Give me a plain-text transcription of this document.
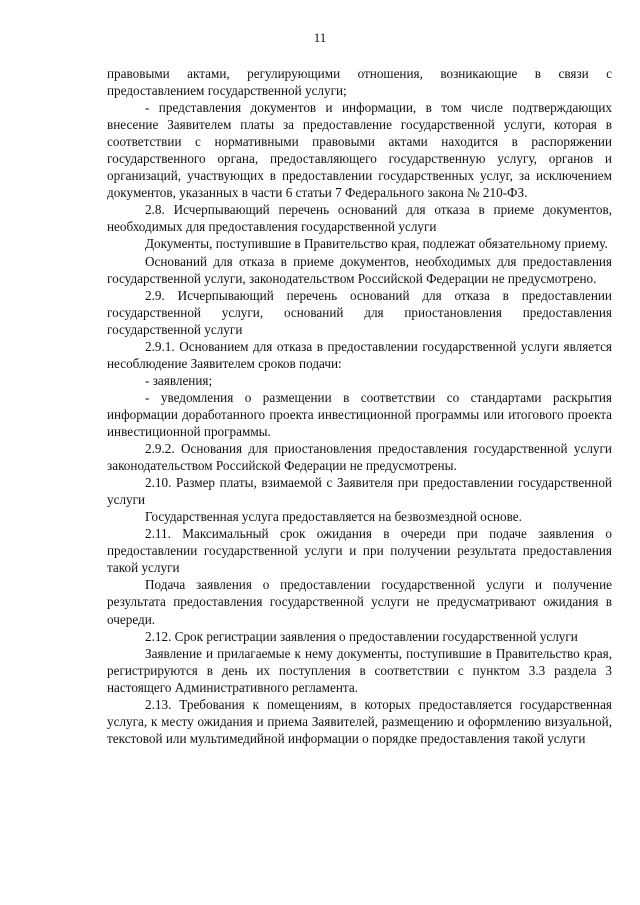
11

правовыми актами, регулирующими отношения, возникающие в связи с предоставлением государственной услуги;

- представления документов и информации, в том числе подтверждающих внесение Заявителем платы за предоставление государственной услуги, которая в соответствии с нормативными правовыми актами находится в распоряжении государственного органа, предоставляющего государственную услугу, органов и организаций, участвующих в предоставлении государственных услуг, за исключением документов, указанных в части 6 статьи 7 Федерального закона № 210-ФЗ.

2.8. Исчерпывающий перечень оснований для отказа в приеме документов, необходимых для предоставления государственной услуги

Документы, поступившие в Правительство края, подлежат обязательному приему.

Оснований для отказа в приеме документов, необходимых для предоставления государственной услуги, законодательством Российской Федерации не предусмотрено.

2.9. Исчерпывающий перечень оснований для отказа в предоставлении государственной услуги, оснований для приостановления предоставления государственной услуги

2.9.1. Основанием для отказа в предоставлении государственной услуги является несоблюдение Заявителем сроков подачи:

- заявления;

- уведомления о размещении в соответствии со стандартами раскрытия информации доработанного проекта инвестиционной программы или итогового проекта инвестиционной программы.

2.9.2. Основания для приостановления предоставления государственной услуги законодательством Российской Федерации не предусмотрены.

2.10. Размер платы, взимаемой с Заявителя при предоставлении государственной услуги

Государственная услуга предоставляется на безвозмездной основе.

2.11. Максимальный срок ожидания в очереди при подаче заявления о предоставлении государственной услуги и при получении результата предоставления такой услуги

Подача заявления о предоставлении государственной услуги и получение результата предоставления государственной услуги не предусматривают ожидания в очереди.

2.12. Срок регистрации заявления о предоставлении государственной услуги

Заявление и прилагаемые к нему документы, поступившие в Правительство края, регистрируются в день их поступления в соответствии с пунктом 3.3 раздела 3 настоящего Административного регламента.

2.13. Требования к помещениям, в которых предоставляется государственная услуга, к месту ожидания и приема Заявителей, размещению и оформлению визуальной, текстовой или мультимедийной информации о порядке предоставления такой услуги
